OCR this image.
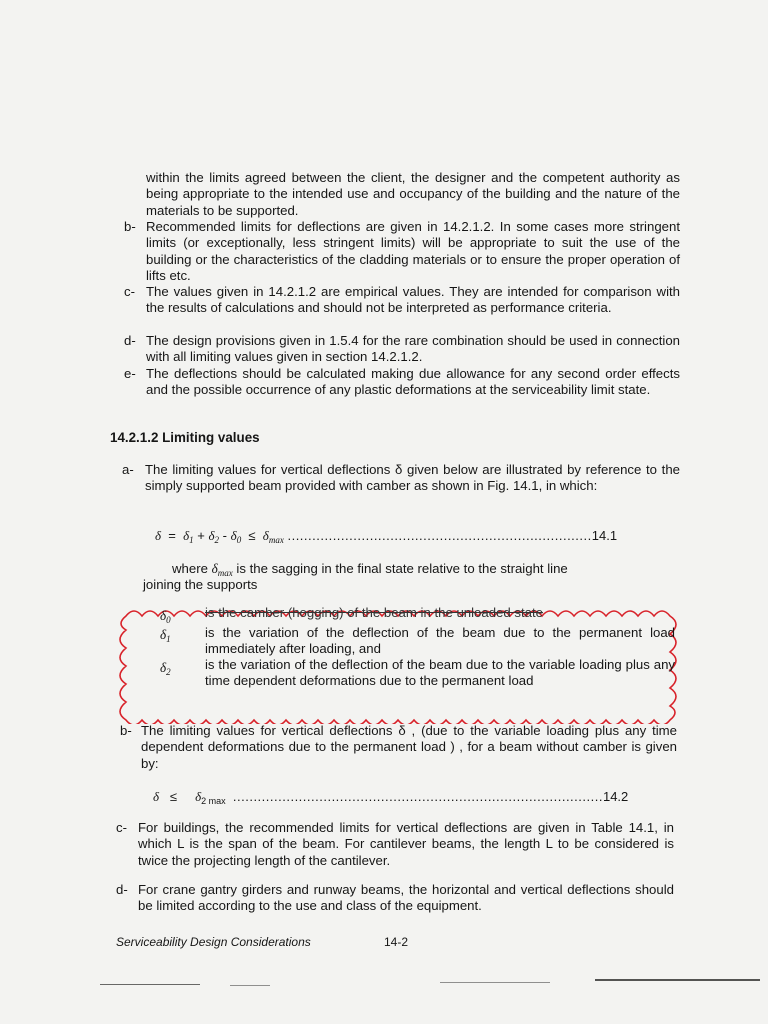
within the limits agreed between the client, the designer and the competent authority as being appropriate to the intended use and occupancy of the building and the nature of the materials to be supported.
b- Recommended limits for deflections are given in 14.2.1.2. In some cases more stringent limits (or exceptionally, less stringent limits) will be appropriate to suit the use of the building or the characteristics of the cladding materials or to ensure the proper operation of lifts etc.
c- The values given in 14.2.1.2 are empirical values. They are intended for comparison with the results of calculations and should not be interpreted as performance criteria.
d- The design provisions given in 1.5.4 for the rare combination should be used in connection with all limiting values given in section 14.2.1.2.
e- The deflections should be calculated making due allowance for any second order effects and the possible occurrence of any plastic deformations at the serviceability limit state.
14.2.1.2 Limiting values
a- The limiting values for vertical deflections δ given below are illustrated by reference to the simply supported beam provided with camber as shown in Fig. 14.1, in which:
$\delta = \delta_1 + \delta_2 - \delta_0 \le \delta_{max}$ ..........................................................................14.1
where $\delta_{max}$ is the sagging in the final state relative to the straight line
joining the supports
$\delta_0$	is the camber (hogging) of the beam in the unloaded state
$\delta_1$	is the variation of the deflection of the beam due to the permanent load immediately after loading, and
$\delta_2$	is the variation of the deflection of the beam due to the variable loading plus any time dependent deformations due to the permanent load
b- The limiting values for vertical deflections δ , (due to the variable loading plus any time dependent deformations due to the permanent load ) , for a beam without camber is given by:
$\delta \le \delta_{2 max}$ ..........................................................................................14.2
c- For buildings, the recommended limits for vertical deflections are given in Table 14.1, in which L is the span of the beam. For cantilever beams, the length L to be considered is twice the projecting length of the cantilever.
d- For crane gantry girders and runway beams, the horizontal and vertical deflections should be limited according to the use and class of the equipment.
Serviceability Design Considerations	14-2
